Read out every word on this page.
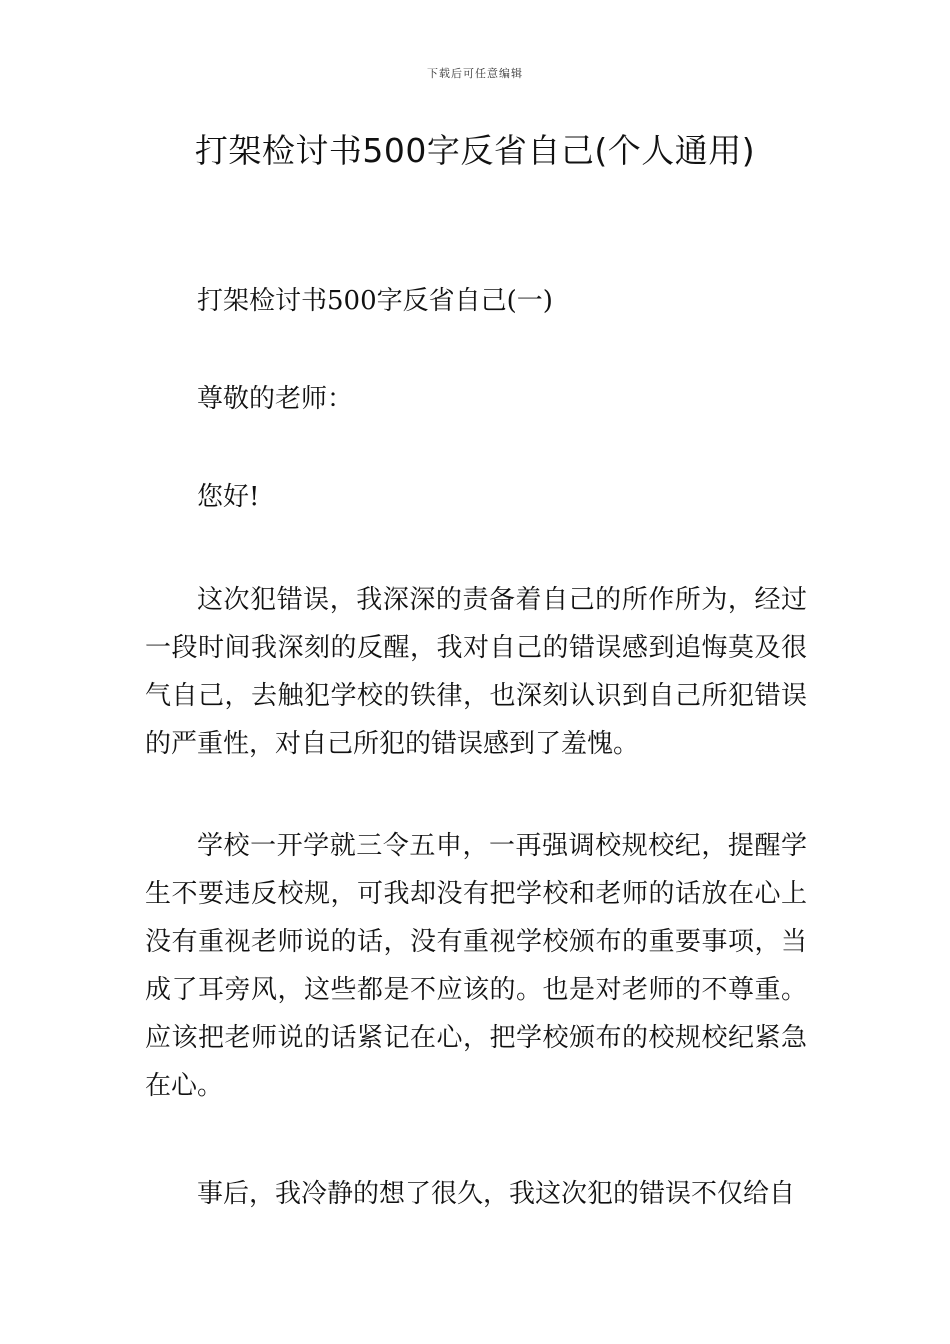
下载后可任意编辑
打架检讨书500字反省自己(个人通用)

打架检讨书500字反省自己(一)

尊敬的老师：

您好!

这次犯错误，我深深的责备着自己的所作所为，经过一段时间我深刻的反醒，我对自己的错误感到追悔莫及很气自己，去触犯学校的铁律，也深刻认识到自己所犯错误的严重性，对自己所犯的错误感到了羞愧。

学校一开学就三令五申，一再强调校规校纪，提醒学生不要违反校规，可我却没有把学校和老师的话放在心上没有重视老师说的话，没有重视学校颁布的重要事项，当成了耳旁风，这些都是不应该的。也是对老师的不尊重。应该把老师说的话紧记在心，把学校颁布的校规校纪紧急在心。

事后，我冷静的想了很久，我这次犯的错误不仅给自
